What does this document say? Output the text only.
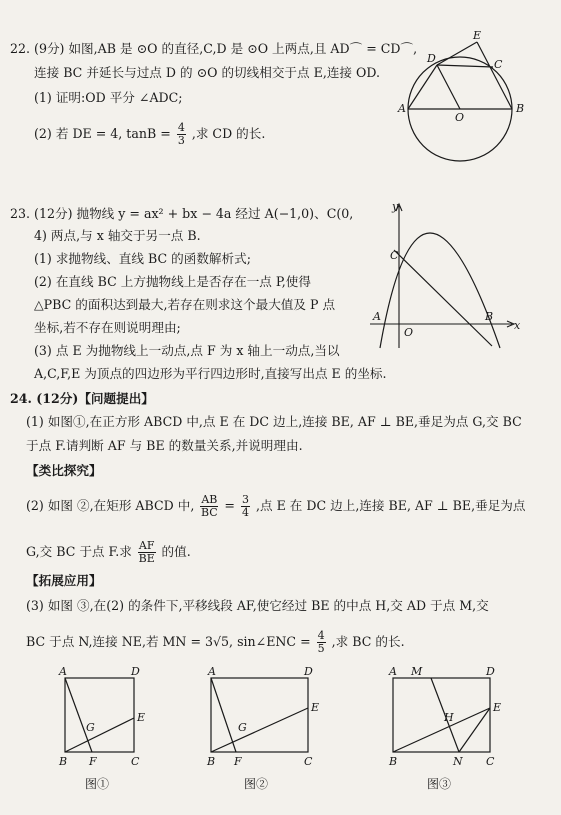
22. (9分) 如图,AB 是 ⊙O 的直径,C,D 是 ⊙O 上两点,且 AD⌒ = CD⌒,
连接 BC 并延长与过点 D 的 ⊙O 的切线相交于点 E,连接 OD.
(1) 证明:OD 平分 ∠ADC;
(2) 若 DE = 4, $\tan B = \frac{4}{3}$ ,求 CD 的长.
D
E
C
A
O
B
23. (12分) 抛物线 y = ax² + bx − 4a 经过 A(−1,0)、C(0,
4) 两点,与 x 轴交于另一点 B.
(1) 求抛物线、直线 BC 的函数解析式;
(2) 在直线 BC 上方抛物线上是否存在一点 P,使得
△PBC 的面积达到最大,若存在则求这个最大值及 P 点
坐标,若不存在则说明理由;
(3) 点 E 为抛物线上一动点,点 F 为 x 轴上一动点,当以
A,C,F,E 为顶点的四边形为平行四边形时,直接写出点 E 的坐标.
y
C
A
O
B
x
24. (12分)【问题提出】
(1) 如图①,在正方形 ABCD 中,点 E 在 DC 边上,连接 BE, AF ⊥ BE,垂足为点 G,交 BC
于点 F.请判断 AF 与 BE 的数量关系,并说明理由.
【类比探究】
(2) 如图 ②,在矩形 ABCD 中, $\frac{AB}{BC} = \frac{3}{4}$ ,点 E 在 DC 边上,连接 BE, AF ⊥ BE,垂足为点
G,交 BC 于点 F.求 $\frac{AF}{BE}$ 的值.
【拓展应用】
(3) 如图 ③,在(2) 的条件下,平移线段 AF,使它经过 BE 的中点 H,交 AD 于点 M,交
BC 于点 N,连接 NE,若 MN = 3√5, sin∠ENC = $\frac{4}{5}$ ,求 BC 的长.
A	D
E
G
B F	C
图①
A	D
E
G
B F	C
图②
A M	D
H
E
B	N C
图③
